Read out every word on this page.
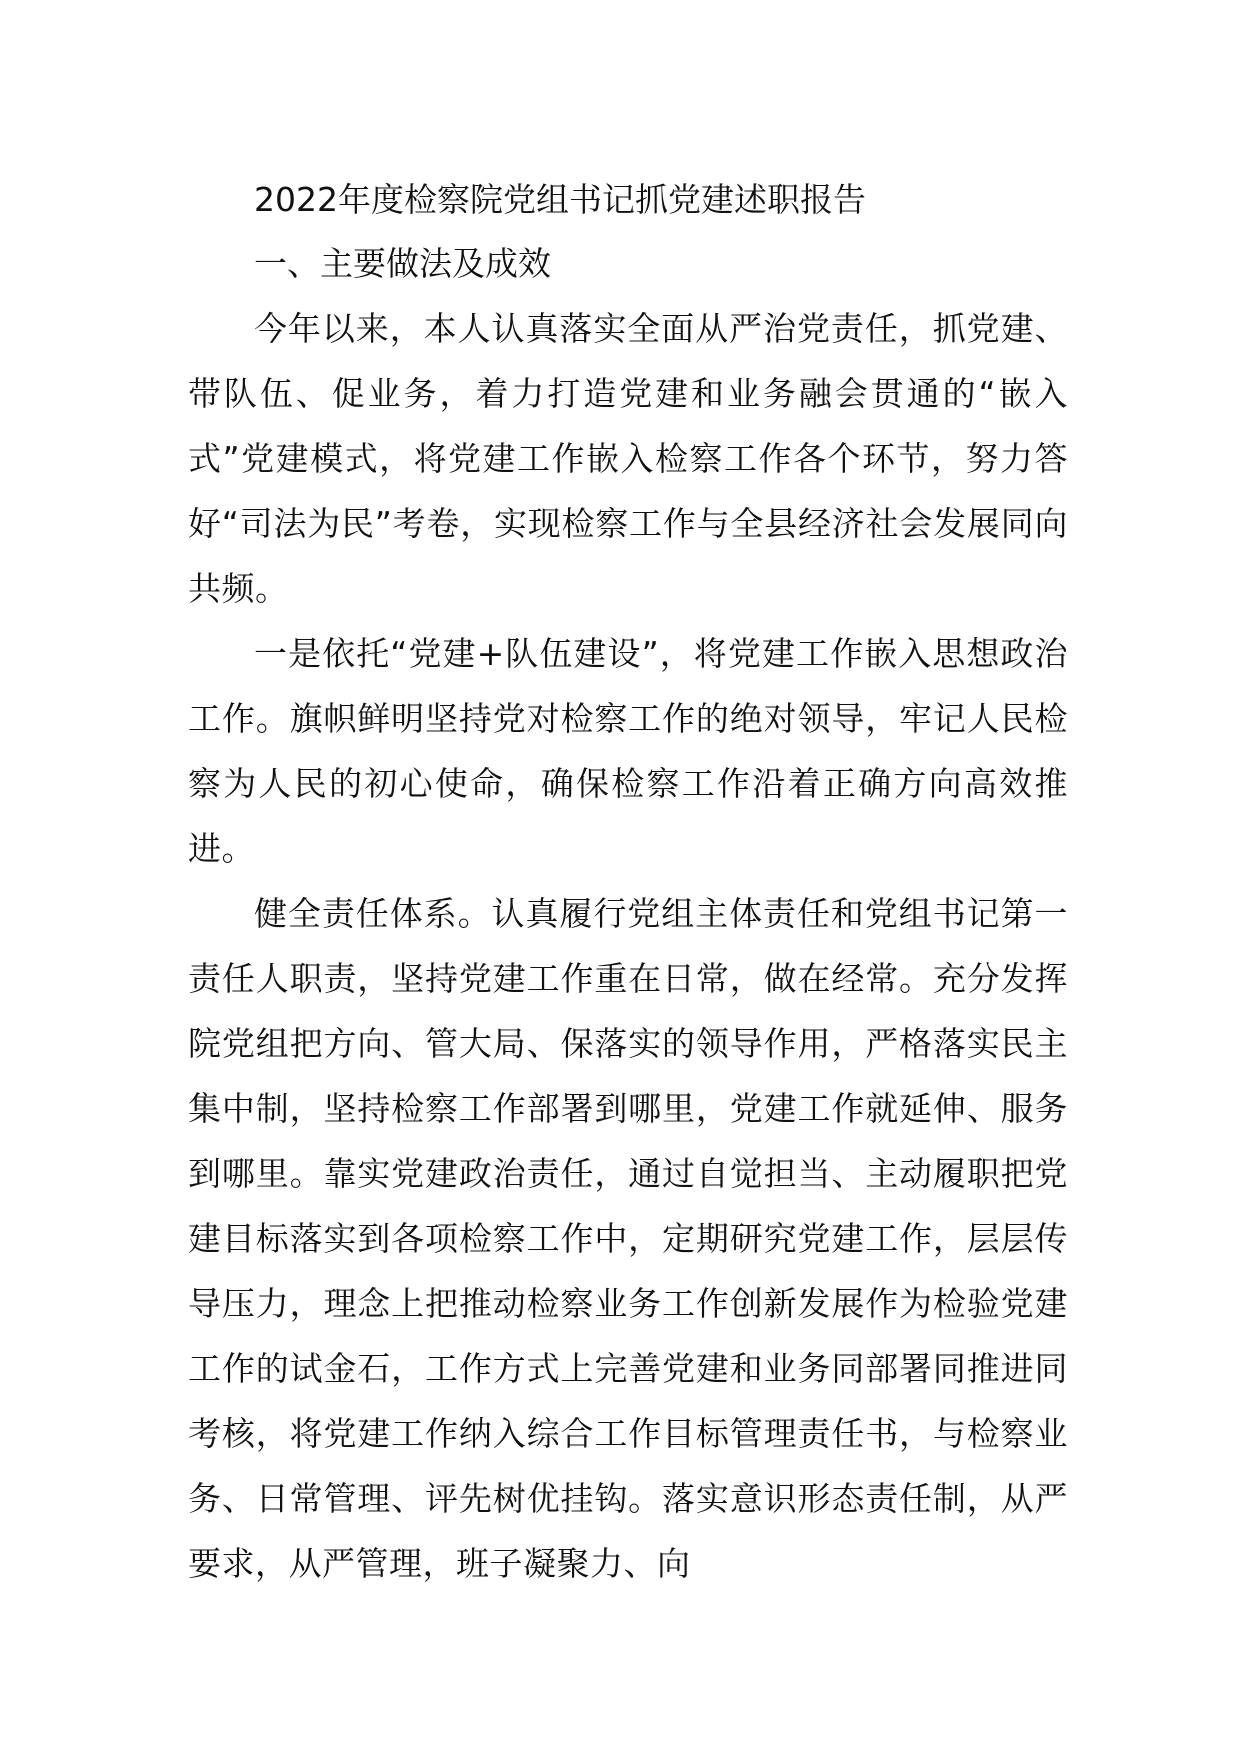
2022年度检察院党组书记抓党建述职报告

一、主要做法及成效

今年以来，本人认真落实全面从严治党责任，抓党建、带队伍、促业务，着力打造党建和业务融会贯通的“嵌入式”党建模式，将党建工作嵌入检察工作各个环节，努力答好“司法为民”考卷，实现检察工作与全县经济社会发展同向共频。

一是依托“党建+队伍建设”，将党建工作嵌入思想政治工作。旗帜鲜明坚持党对检察工作的绝对领导，牢记人民检察为人民的初心使命，确保检察工作沿着正确方向高效推进。

健全责任体系。认真履行党组主体责任和党组书记第一责任人职责，坚持党建工作重在日常，做在经常。充分发挥院党组把方向、管大局、保落实的领导作用，严格落实民主集中制，坚持检察工作部署到哪里，党建工作就延伸、服务到哪里。靠实党建政治责任，通过自觉担当、主动履职把党建目标落实到各项检察工作中，定期研究党建工作，层层传导压力，理念上把推动检察业务工作创新发展作为检验党建工作的试金石，工作方式上完善党建和业务同部署同推进同考核，将党建工作纳入综合工作目标管理责任书，与检察业务、日常管理、评先树优挂钩。落实意识形态责任制，从严要求，从严管理，班子凝聚力、向
